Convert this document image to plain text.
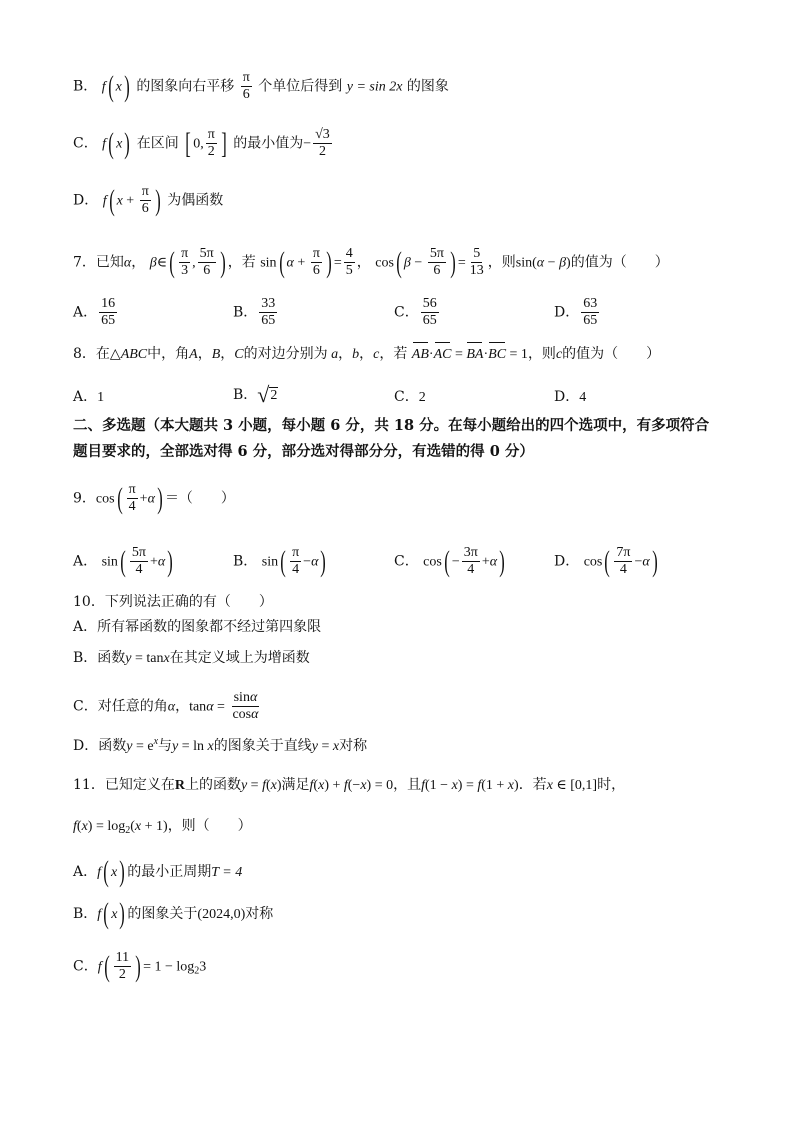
B． f( x) 的图象向右平移 $\frac{\pi}{6}$ 个单位后得到 y = sin 2x 的图象
C． f( x) 在区间 [ 0, $\frac{\pi}{2}$ ] 的最小值为− $\frac{√3}{2}$
D． f( $x + \frac{\pi}{6}$ ) 为偶函数
7．已知α， β∈( $\frac{\pi}{3}$ , $\frac{5\pi}{6}$ ) ，若 sin( $\alpha + \frac{\pi}{6}$ ) = $\frac{4}{5}$ ， cos( $\beta - \frac{5\pi}{6}$ ) = $\frac{5}{13}$ ，则sin(α − β)的值为（　　）
A． $\frac{16}{65}$	B． $\frac{33}{65}$	C． $\frac{56}{65}$	D． $\frac{63}{65}$
8．在△ABC中，角A，B，C的对边分别为 a，b，c，若 AB·AC = BA·BC = 1，则c的值为（　　）
A．1	B．√2	C．2	D．4
二、多选题（本大题共 3 小题，每小题 6 分，共 18 分。在每小题给出的四个选项中，有多项符合题目要求的，全部选对得 6 分，部分选对得部分分，有选错的得 0 分）
9．$\cos( \frac{\pi}{4} +\alpha)$ ＝（　　）
A． $\sin( \frac{5\pi}{4} +\alpha)$	B． $\sin( \frac{\pi}{4} -\alpha)$	C． $\cos( - \frac{3\pi}{4} +\alpha)$	D． $\cos( \frac{7\pi}{4} -\alpha)$
10．下列说法正确的有（　　）
A．所有幂函数的图象都不经过第四象限
B．函数y = tanx在其定义域上为增函数
C．对任意的角α，$\tan\alpha = \frac{\sin\alpha}{\cos\alpha}$
D．函数$y = e^x$与y = ln x的图象关于直线y = x对称
11．已知定义在R上的函数y = f(x)满足f(x) + f(−x) = 0，且f(1 − x) = f(1 + x)．若x ∈ [0,1]时，
$f(x) = \log_2(x + 1)$，则（　　）
A．f( x) 的最小正周期T = 4
B．f( x) 的图象关于(2024,0)对称
C．$f( \frac{11}{2}$ ) = $1 - \log_23$
